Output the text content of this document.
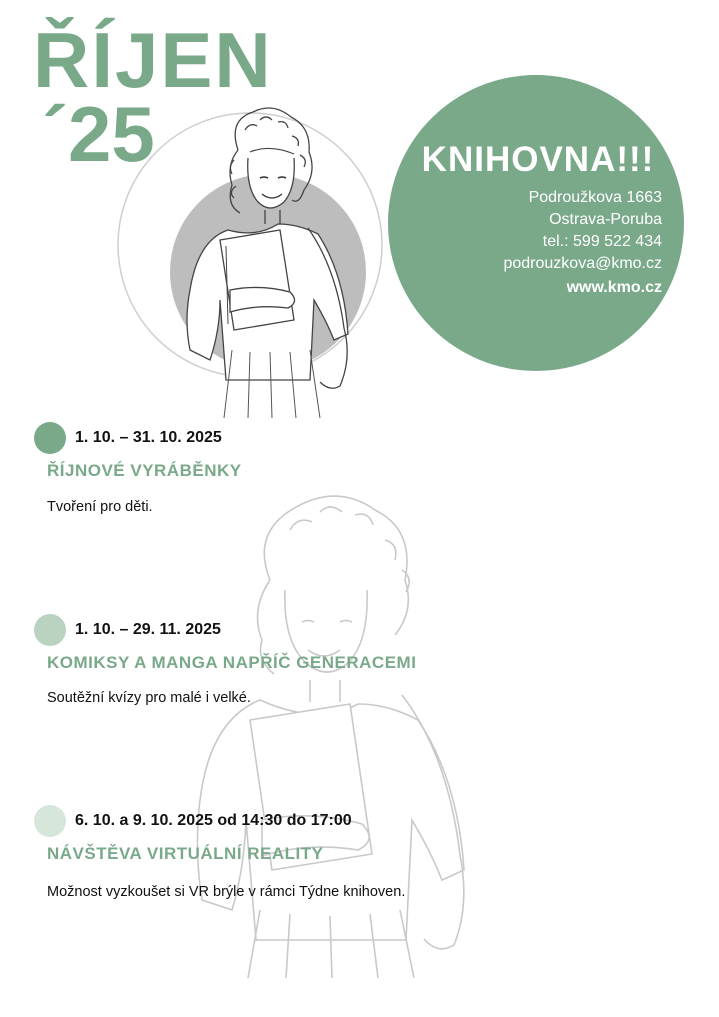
ŘÍJEN
´25	KNIHOVNA!!!
Podroužkova 1663
Ostrava-Poruba
tel.: 599 522 434
podrouzkova@kmo.cz
www.kmo.cz
1. 10. – 31. 10. 2025
ŘÍJNOVÉ VYRÁBĚNKY
Tvoření pro děti.
1. 10. – 29. 11. 2025
KOMIKSY A MANGA NAPŘÍČ GENERACEMI
Soutěžní kvízy pro malé i velké.
6. 10. a 9. 10. 2025 od 14:30 do 17:00
NÁVŠTĚVA VIRTUÁLNÍ REALITY
Možnost vyzkoušet si VR brýle v rámci Týdne knihoven.
